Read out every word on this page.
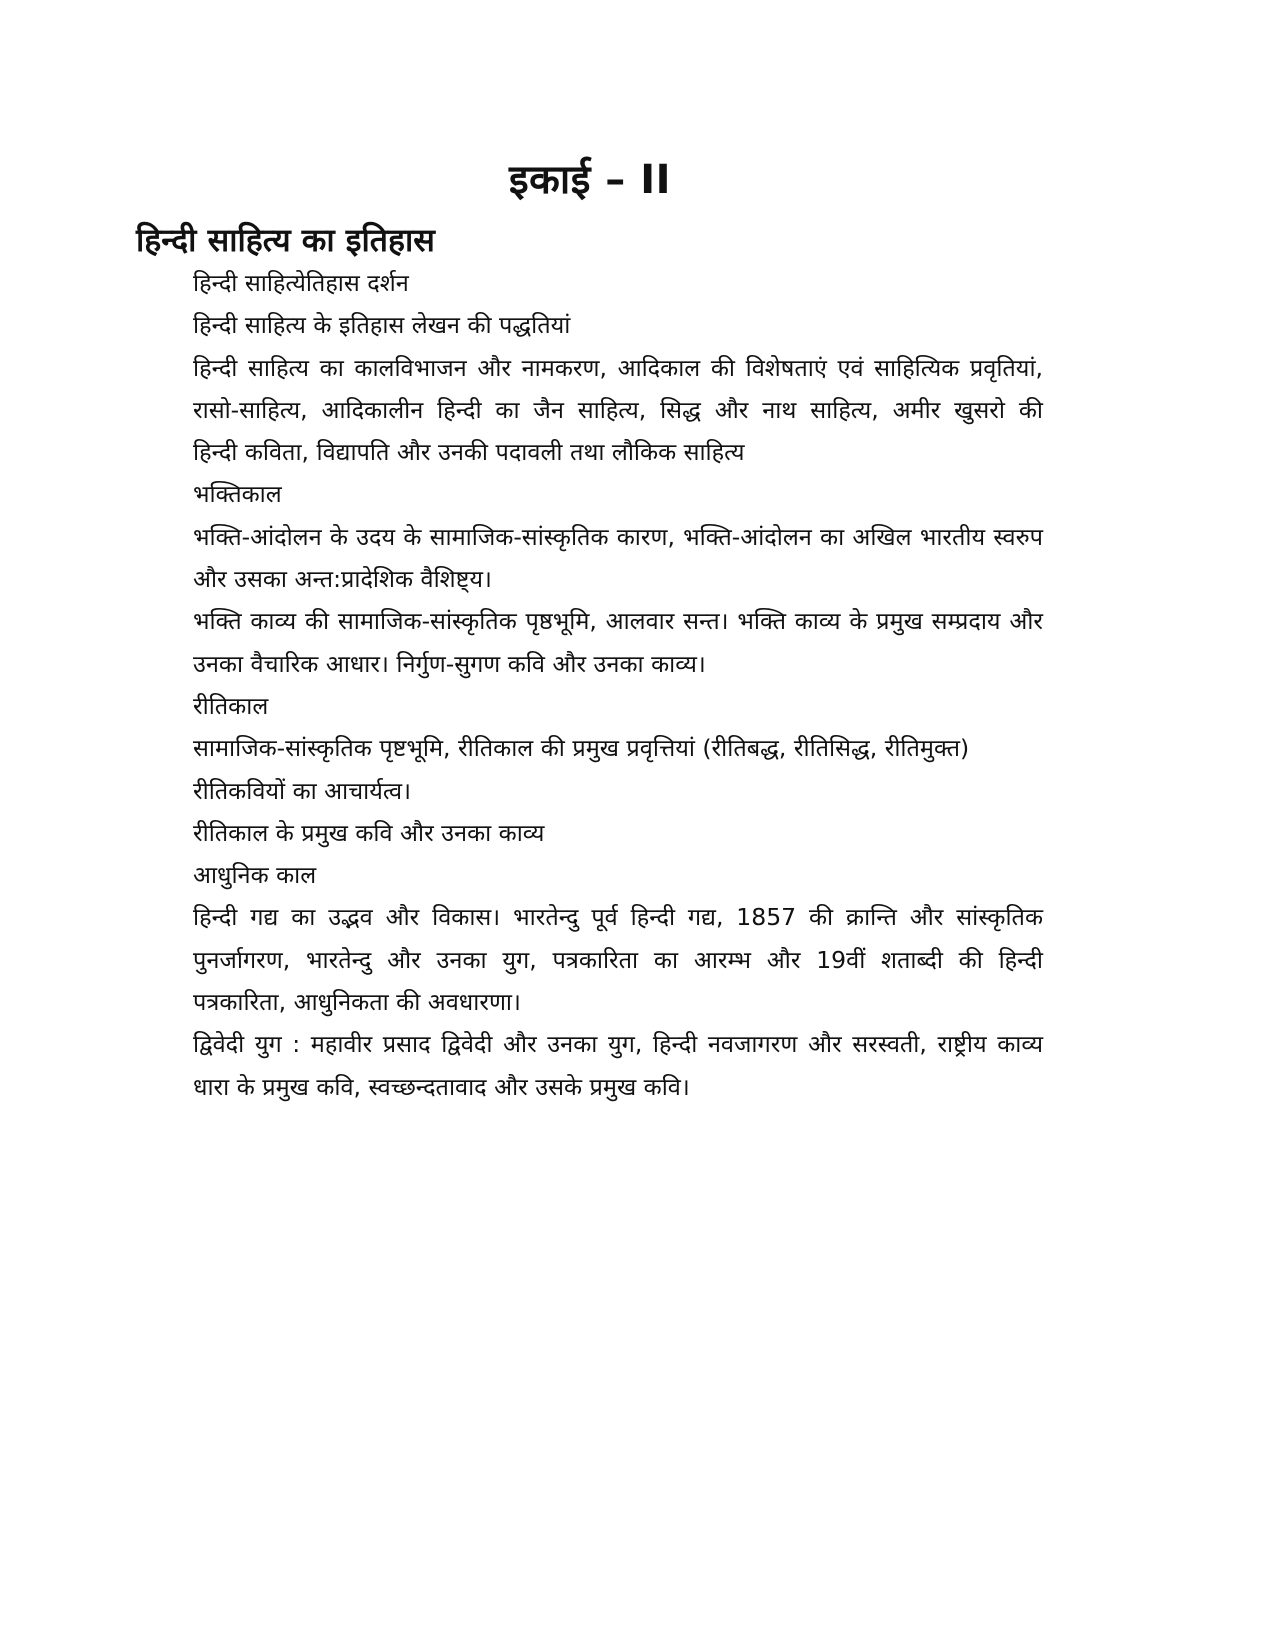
इकाई – II
हिन्दी साहित्य का इतिहास
हिन्दी साहित्येतिहास दर्शन
हिन्दी साहित्य के इतिहास लेखन की पद्धतियां
हिन्दी साहित्य का कालविभाजन और नामकरण, आदिकाल की विशेषताएं एवं साहित्यिक प्रवृतियां,
रासो-साहित्य, आदिकालीन हिन्दी का जैन साहित्य, सिद्ध और नाथ साहित्य, अमीर खुसरो की
हिन्दी कविता, विद्यापति और उनकी पदावली तथा लौकिक साहित्य
भक्तिकाल
भक्ति-आंदोलन के उदय के सामाजिक-सांस्कृतिक कारण, भक्ति-आंदोलन का अखिल भारतीय स्वरुप
और उसका अन्त:प्रादेशिक वैशिष्ट्य।
भक्ति काव्य की सामाजिक-सांस्कृतिक पृष्ठभूमि, आलवार सन्त। भक्ति काव्य के प्रमुख सम्प्रदाय और
उनका वैचारिक आधार। निर्गुण-सुगण कवि और उनका काव्य।
रीतिकाल
सामाजिक-सांस्कृतिक पृष्टभूमि, रीतिकाल की प्रमुख प्रवृत्तियां (रीतिबद्ध, रीतिसिद्ध, रीतिमुक्त)
रीतिकवियों का आचार्यत्व।
रीतिकाल के प्रमुख कवि और उनका काव्य
आधुनिक काल
हिन्दी गद्य का उद्भव और विकास। भारतेन्दु पूर्व हिन्दी गद्य, 1857 की क्रान्ति और सांस्कृतिक
पुनर्जागरण, भारतेन्दु और उनका युग, पत्रकारिता का आरम्भ और 19वीं शताब्दी की हिन्दी
पत्रकारिता, आधुनिकता की अवधारणा।
द्विवेदी युग : महावीर प्रसाद द्विवेदी और उनका युग, हिन्दी नवजागरण और सरस्वती, राष्ट्रीय काव्य
धारा के प्रमुख कवि, स्वच्छन्दतावाद और उसके प्रमुख कवि।
